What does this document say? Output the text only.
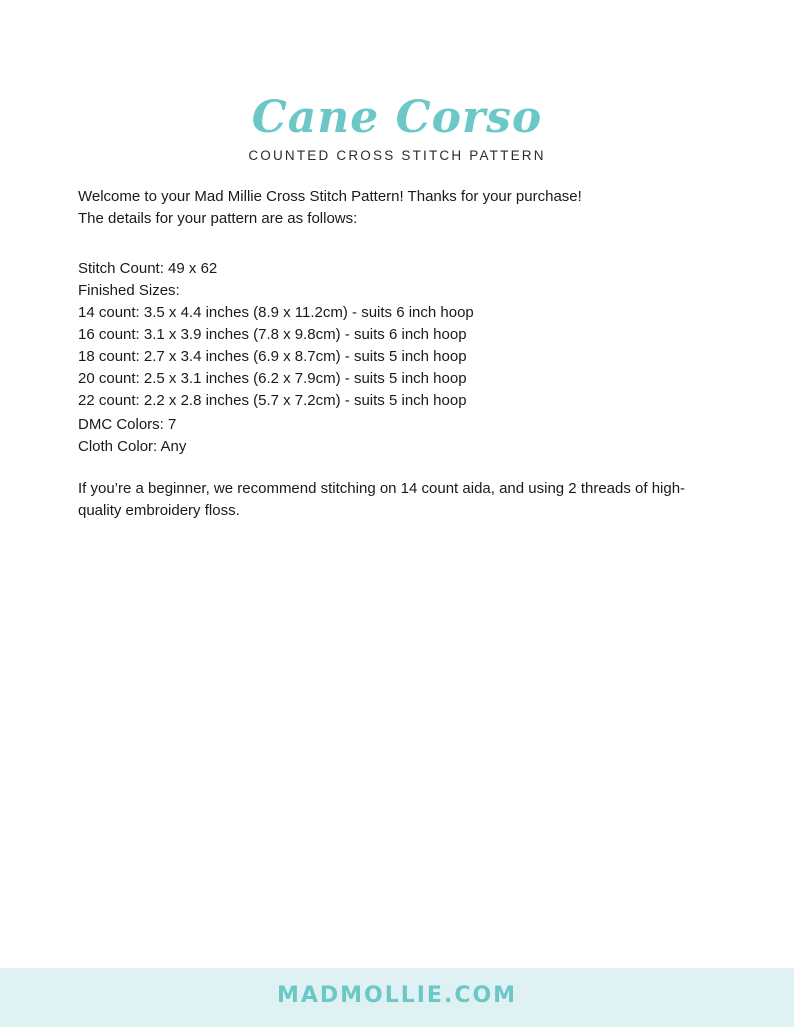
Cane Corso
COUNTED CROSS STITCH PATTERN
Welcome to your Mad Millie Cross Stitch Pattern! Thanks for your purchase!
The details for your pattern are as follows:
Stitch Count: 49 x 62
Finished Sizes:
14 count: 3.5 x 4.4 inches (8.9 x 11.2cm) - suits 6 inch hoop
16 count: 3.1 x 3.9 inches (7.8 x 9.8cm) - suits 6 inch hoop
18 count: 2.7 x 3.4 inches (6.9 x 8.7cm) - suits 5 inch hoop
20 count: 2.5 x 3.1 inches (6.2 x 7.9cm) - suits 5 inch hoop
22 count: 2.2 x 2.8 inches (5.7 x 7.2cm) - suits 5 inch hoop
DMC Colors: 7
Cloth Color: Any
If you’re a beginner, we recommend stitching on 14 count aida, and using 2 threads of high-quality embroidery floss.
MADMOLLIE.COM
